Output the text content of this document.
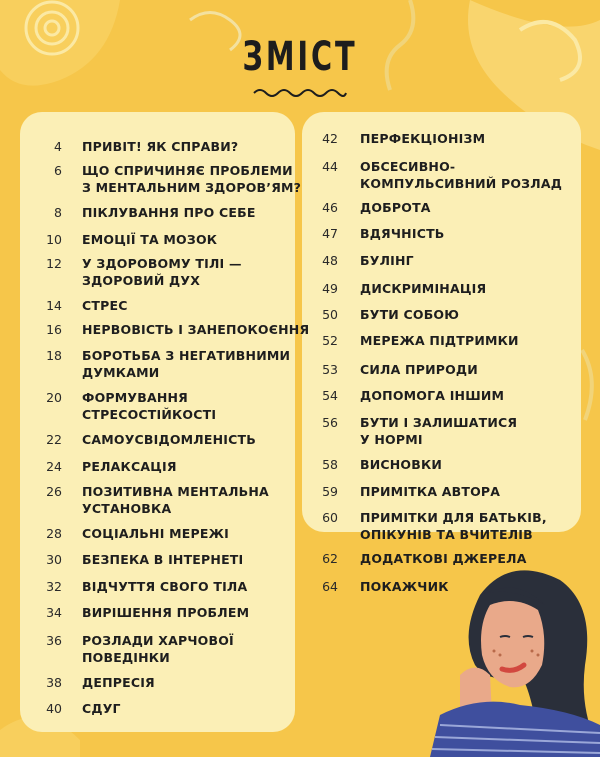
ЗМІСТ
4 ПРИВІТ! ЯК СПРАВИ?
6 ЩО СПРИЧИНЯЄ ПРОБЛЕМИ
З МЕНТАЛЬНИМ ЗДОРОВ’ЯМ?
8 ПІКЛУВАННЯ ПРО СЕБЕ
10 ЕМОЦІЇ ТА МОЗОК
12 У ЗДОРОВОМУ ТІЛІ —
ЗДОРОВИЙ ДУХ
14 СТРЕС
16 НЕРВОВІСТЬ І ЗАНЕПОКОЄННЯ
18 БОРОТЬБА З НЕГАТИВНИМИ
ДУМКАМИ
20 ФОРМУВАННЯ
СТРЕСОСТІЙКОСТІ
22 САМОУСВІДОМЛЕНІСТЬ
24 РЕЛАКСАЦІЯ
26 ПОЗИТИВНА МЕНТАЛЬНА
УСТАНОВКА
28 СОЦІАЛЬНІ МЕРЕЖІ
30 БЕЗПЕКА В ІНТЕРНЕТІ
32 ВІДЧУТТЯ СВОГО ТІЛА
34 ВИРІШЕННЯ ПРОБЛЕМ
36 РОЗЛАДИ ХАРЧОВОЇ
ПОВЕДІНКИ
38 ДЕПРЕСІЯ
40 СДУГ
42 ПЕРФЕКЦІОНІЗМ
44 ОБСЕСИВНО-
КОМПУЛЬСИВНИЙ РОЗЛАД
46 ДОБРОТА
47 ВДЯЧНІСТЬ
48 БУЛІНГ
49 ДИСКРИМІНАЦІЯ
50 БУТИ СОБОЮ
52 МЕРЕЖА ПІДТРИМКИ
53 СИЛА ПРИРОДИ
54 ДОПОМОГА ІНШИМ
56 БУТИ І ЗАЛИШАТИСЯ
У НОРМІ
58 ВИСНОВКИ
59 ПРИМІТКА АВТОРА
60 ПРИМІТКИ ДЛЯ БАТЬКІВ,
ОПІКУНІВ ТА ВЧИТЕЛІВ
62 ДОДАТКОВІ ДЖЕРЕЛА
64 ПОКАЖЧИК
